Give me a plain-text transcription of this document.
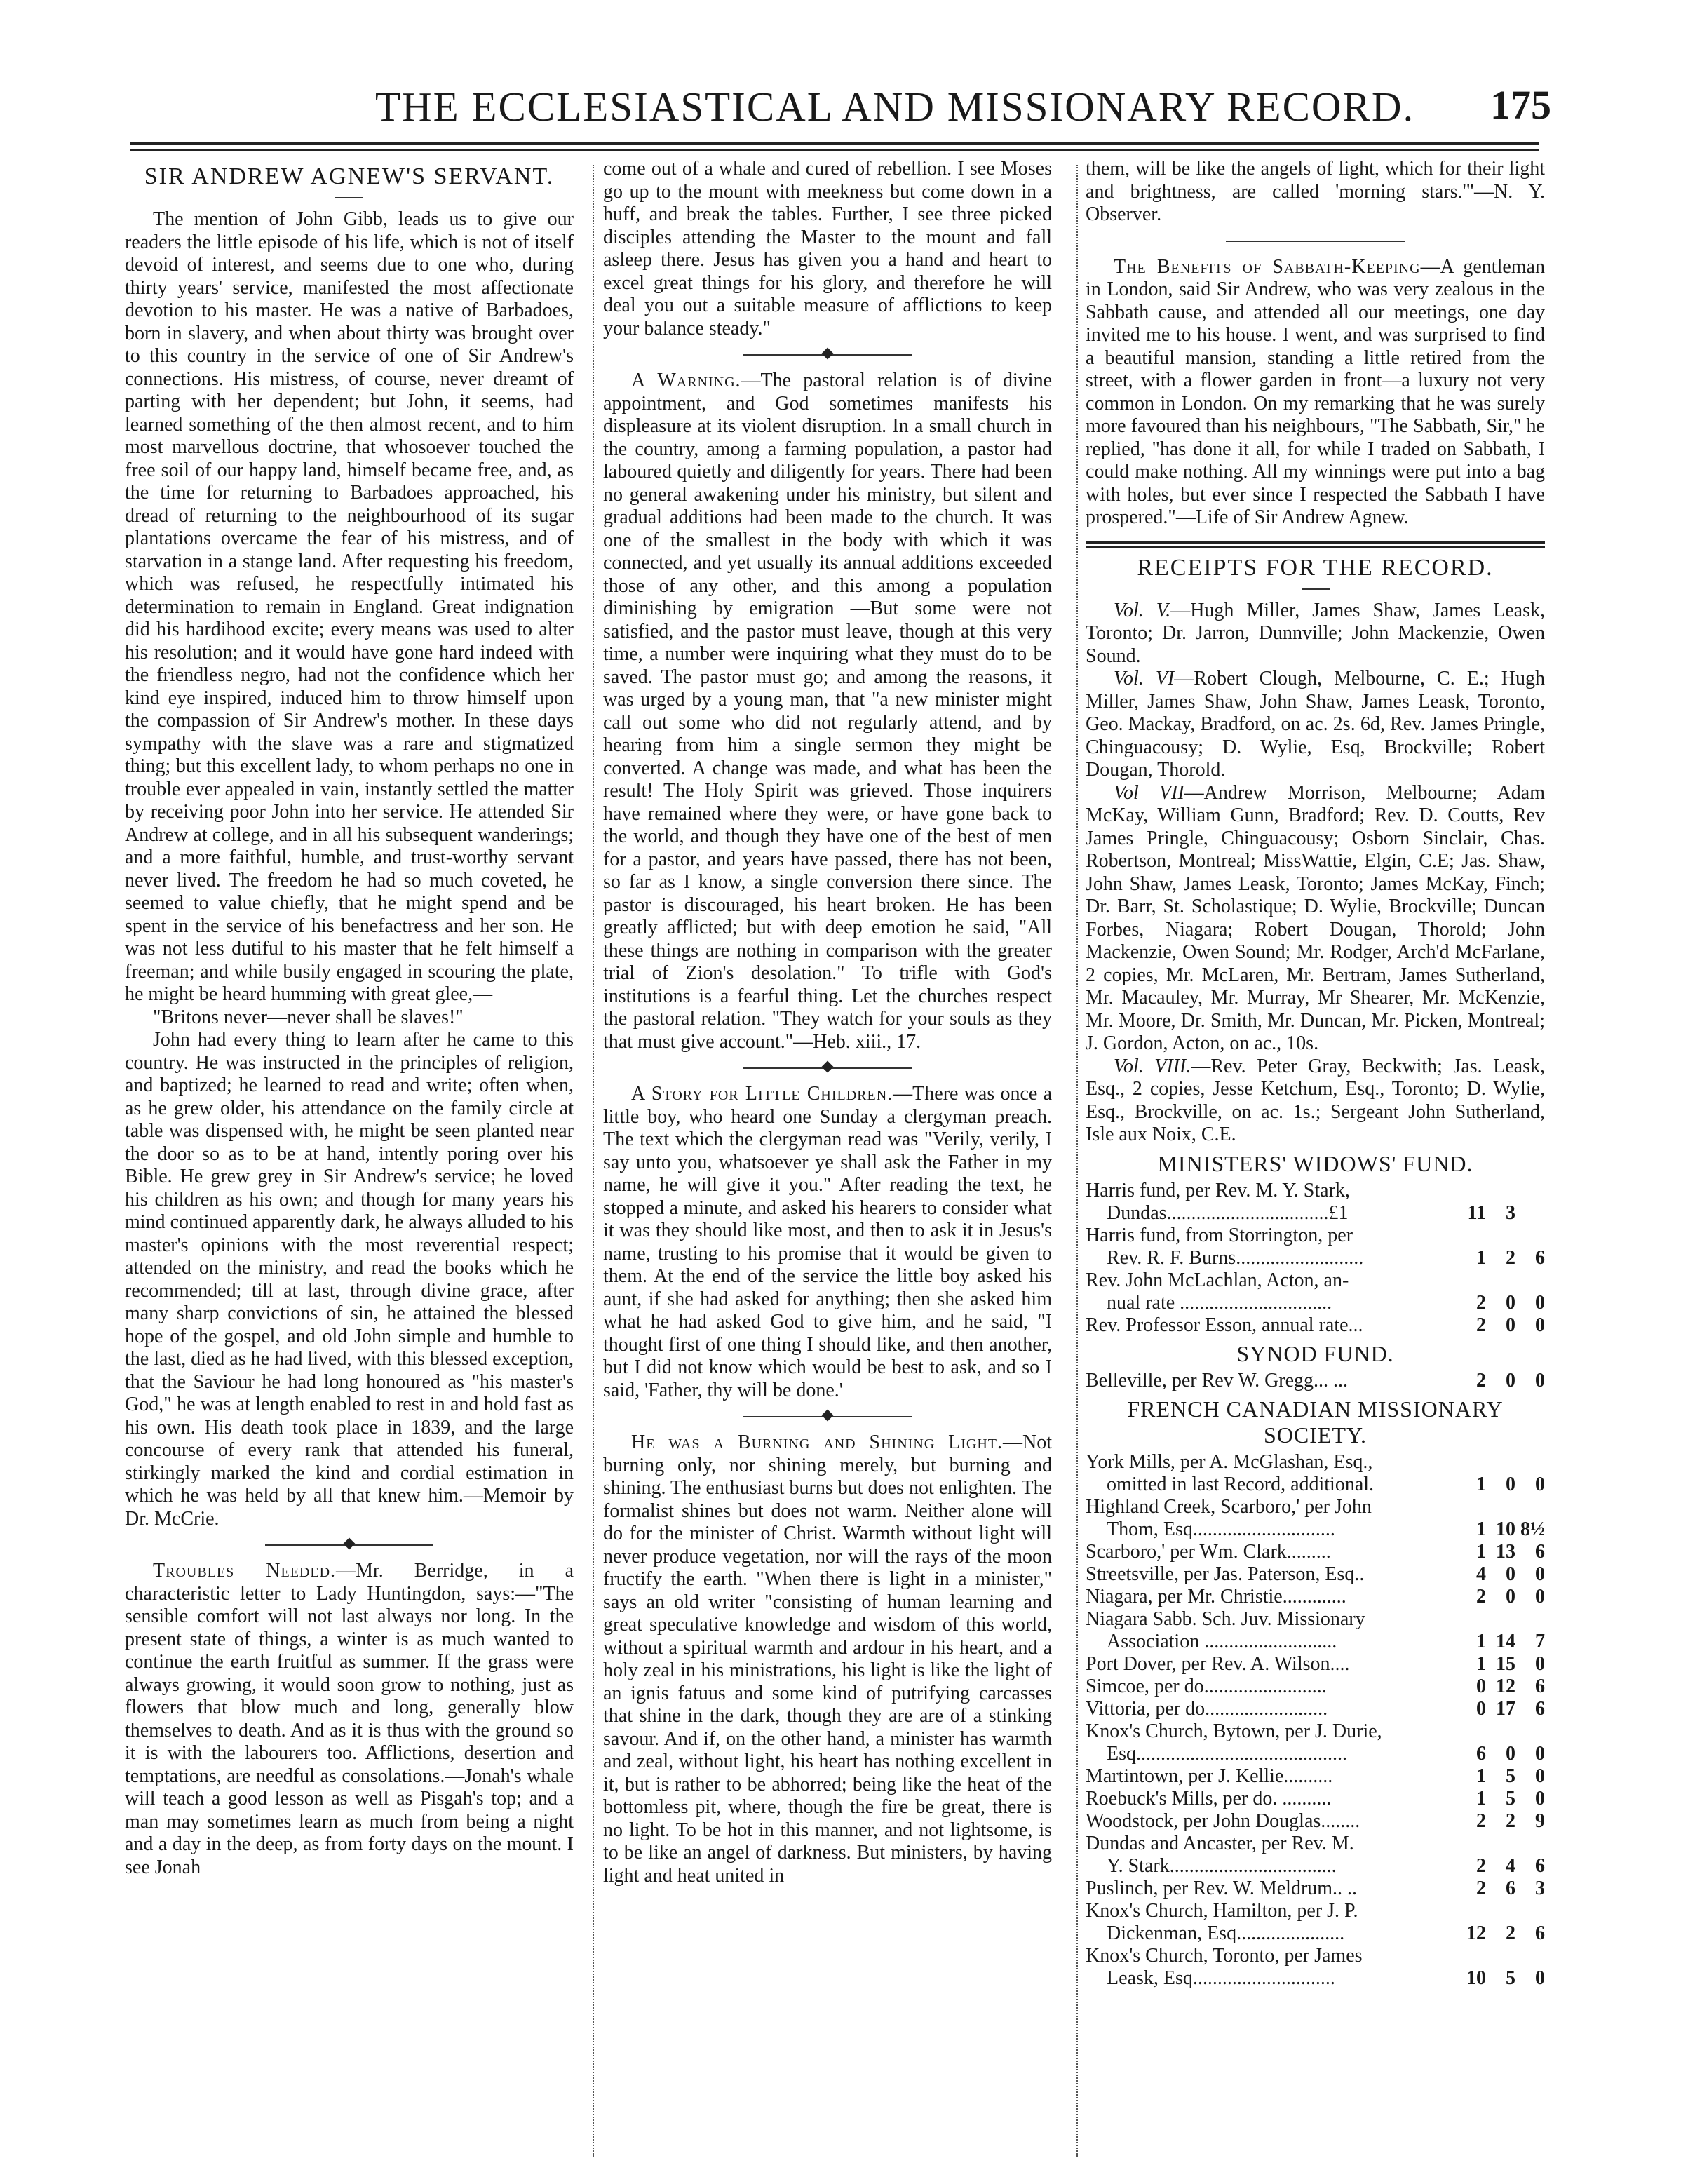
THE ECCLESIASTICAL AND MISSIONARY RECORD. 175
SIR ANDREW AGNEW'S SERVANT.

The mention of John Gibb, leads us to give our readers the little episode of his life, which is not of itself devoid of interest, and seems due to one who, during thirty years' service, manifested the most affectionate devotion to his master. He was a native of Barbadoes, born in slavery, and when about thirty was brought over to this country in the service of one of Sir Andrew's connections. His mistress, of course, never dreamt of parting with her dependent; but John, it seems, had learned something of the then almost recent, and to him most marvellous doctrine, that whosoever touched the free soil of our happy land, himself became free, and, as the time for returning to Barbadoes approached, his dread of returning to the neighbourhood of its sugar plantations overcame the fear of his mistress, and of starvation in a stange land. After requesting his freedom, which was refused, he respectfully intimated his determination to remain in England. Great indignation did his hardihood excite; every means was used to alter his resolution; and it would have gone hard indeed with the friendless negro, had not the confidence which her kind eye inspired, induced him to throw himself upon the compassion of Sir Andrew's mother. In these days sympathy with the slave was a rare and stigmatized thing; but this excellent lady, to whom perhaps no one in trouble ever appealed in vain, instantly settled the matter by receiving poor John into her service. He attended Sir Andrew at college, and in all his subsequent wanderings; and a more faithful, humble, and trust-worthy servant never lived. The freedom he had so much coveted, he seemed to value chiefly, that he might spend and be spent in the service of his benefactress and her son. He was not less dutiful to his master that he felt himself a freeman; and while busily engaged in scouring the plate, he might be heard humming with great glee,—

"Britons never—never shall be slaves!"

John had every thing to learn after he came to this country. He was instructed in the principles of religion, and baptized; he learned to read and write; often when, as he grew older, his attendance on the family circle at table was dispensed with, he might be seen planted near the door so as to be at hand, intently poring over his Bible. He grew grey in Sir Andrew's service; he loved his children as his own; and though for many years his mind continued apparently dark, he always alluded to his master's opinions with the most reverential respect; attended on the ministry, and read the books which he recommended; till at last, through divine grace, after many sharp convictions of sin, he attained the blessed hope of the gospel, and old John simple and humble to the last, died as he had lived, with this blessed exception, that the Saviour he had long honoured as "his master's God," he was at length enabled to rest in and hold fast as his own. His death took place in 1839, and the large concourse of every rank that attended his funeral, stirkingly marked the kind and cordial estimation in which he was held by all that knew him.—Memoir by Dr. McCrie.

Troubles Needed.—Mr. Berridge, in a characteristic letter to Lady Huntingdon, says:—"The sensible comfort will not last always nor long. In the present state of things, a winter is as much wanted to continue the earth fruitful as summer. If the grass were always growing, it would soon grow to nothing, just as flowers that blow much and long, generally blow themselves to death. And as it is thus with the ground so it is with the labourers too. Afflictions, desertion and temptations, are needful as consolations.—Jonah's whale will teach a good lesson as well as Pisgah's top; and a man may sometimes learn as much from being a night and a day in the deep, as from forty days on the mount. I see Jonah

come out of a whale and cured of rebellion. I see Moses go up to the mount with meekness but come down in a huff, and break the tables. Further, I see three picked disciples attending the Master to the mount and fall asleep there. Jesus has given you a hand and heart to excel great things for his glory, and therefore he will deal you out a suitable measure of afflictions to keep your balance steady."

A Warning.—The pastoral relation is of divine appointment, and God sometimes manifests his displeasure at its violent disruption. In a small church in the country, among a farming population, a pastor had laboured quietly and diligently for years. There had been no general awakening under his ministry, but silent and gradual additions had been made to the church. It was one of the smallest in the body with which it was connected, and yet usually its annual additions exceeded those of any other, and this among a population diminishing by emigration —But some were not satisfied, and the pastor must leave, though at this very time, a number were inquiring what they must do to be saved. The pastor must go; and among the reasons, it was urged by a young man, that "a new minister might call out some who did not regularly attend, and by hearing from him a single sermon they might be converted. A change was made, and what has been the result! The Holy Spirit was grieved. Those inquirers have remained where they were, or have gone back to the world, and though they have one of the best of men for a pastor, and years have passed, there has not been, so far as I know, a single conversion there since. The pastor is discouraged, his heart broken. He has been greatly afflicted; but with deep emotion he said, "All these things are nothing in comparison with the greater trial of Zion's desolation." To trifle with God's institutions is a fearful thing. Let the churches respect the pastoral relation. "They watch for your souls as they that must give account."—Heb. xiii., 17.

A Story for Little Children.—There was once a little boy, who heard one Sunday a clergyman preach. The text which the clergyman read was "Verily, verily, I say unto you, whatsoever ye shall ask the Father in my name, he will give it you." After reading the text, he stopped a minute, and asked his hearers to consider what it was they should like most, and then to ask it in Jesus's name, trusting to his promise that it would be given to them. At the end of the service the little boy asked his aunt, if she had asked for anything; then she asked him what he had asked God to give him, and he said, "I thought first of one thing I should like, and then another, but I did not know which would be best to ask, and so I said, 'Father, thy will be done.'

He was a Burning and Shining Light.—Not burning only, nor shining merely, but burning and shining. The enthusiast burns but does not enlighten. The formalist shines but does not warm. Neither alone will do for the minister of Christ. Warmth without light will never produce vegetation, nor will the rays of the moon fructify the earth. "When there is light in a minister," says an old writer "consisting of human learning and great speculative knowledge and wisdom of this world, without a spiritual warmth and ardour in his heart, and a holy zeal in his ministrations, his light is like the light of an ignis fatuus and some kind of putrifying carcasses that shine in the dark, though they are are of a stinking savour. And if, on the other hand, a minister has warmth and zeal, without light, his heart has nothing excellent in it, but is rather to be abhorred; being like the heat of the bottomless pit, where, though the fire be great, there is no light. To be hot in this manner, and not lightsome, is to be like an angel of darkness. But ministers, by having light and heat united in

them, will be like the angels of light, which for their light and brightness, are called 'morning stars.'"—N. Y. Observer.

The Benefits of Sabbath-Keeping—A gentleman in London, said Sir Andrew, who was very zealous in the Sabbath cause, and attended all our meetings, one day invited me to his house. I went, and was surprised to find a beautiful mansion, standing a little retired from the street, with a flower garden in front—a luxury not very common in London. On my remarking that he was surely more favoured than his neighbours, "The Sabbath, Sir," he replied, "has done it all, for while I traded on Sabbath, I could make nothing. All my winnings were put into a bag with holes, but ever since I respected the Sabbath I have prospered."—Life of Sir Andrew Agnew.

RECEIPTS FOR THE RECORD.

Vol. V.—Hugh Miller, James Shaw, James Leask, Toronto; Dr. Jarron, Dunnville; John Mackenzie, Owen Sound.

Vol. VI—Robert Clough, Melbourne, C. E.; Hugh Miller, James Shaw, John Shaw, James Leask, Toronto, Geo. Mackay, Bradford, on ac. 2s. 6d, Rev. James Pringle, Chinguacousy; D. Wylie, Esq, Brockville; Robert Dougan, Thorold.

Vol VII—Andrew Morrison, Melbourne; Adam McKay, William Gunn, Bradford; Rev. D. Coutts, Rev James Pringle, Chinguacousy; Osborn Sinclair, Chas. Robertson, Montreal; MissWattie, Elgin, C.E; Jas. Shaw, John Shaw, James Leask, Toronto; James McKay, Finch; Dr. Barr, St. Scholastique; D. Wylie, Brockville; Duncan Forbes, Niagara; Robert Dougan, Thorold; John Mackenzie, Owen Sound; Mr. Rodger, Arch'd McFarlane, 2 copies, Mr. McLaren, Mr. Bertram, James Sutherland, Mr. Macauley, Mr. Murray, Mr Shearer, Mr. McKenzie, Mr. Moore, Dr. Smith, Mr. Duncan, Mr. Picken, Montreal; J. Gordon, Acton, on ac., 10s.

Vol. VIII.—Rev. Peter Gray, Beckwith; Jas. Leask, Esq., 2 copies, Jesse Ketchum, Esq., Toronto; D. Wylie, Esq., Brockville, on ac. 1s.; Sergeant John Sutherland, Isle aux Noix, C.E.

MINISTERS' WIDOWS' FUND.
Harris fund, per Rev. M. Y. Stark,
Dundas.................................£1	11	3
Harris fund, from Storrington, per
Rev. R. F. Burns..........................	1	2	6
Rev. John McLachlan, Acton, an-
nual rate ...............................	2	0	0
Rev. Professor Esson, annual rate...	2	0	0
SYNOD FUND.
Belleville, per Rev W. Gregg... ...	2	0	0
FRENCH CANADIAN MISSIONARY SOCIETY.
York Mills, per A. McGlashan, Esq.,
omitted in last Record, additional.	1	0	0
Highland Creek, Scarboro,' per John
Thom, Esq.............................	1 10 8½
Scarboro,' per Wm. Clark.........	1 13	6
Streetsville, per Jas. Paterson, Esq..	4	0	0
Niagara, per Mr. Christie.............	2	0	0
Niagara Sabb. Sch. Juv. Missionary
Association ...........................	1 14	7
Port Dover, per Rev. A. Wilson....	1 15	0
Simcoe, per do.........................	0 12	6
Vittoria, per do.........................	0 17	6
Knox's Church, Bytown, per J. Durie,
Esq...........................................	6	0	0
Martintown, per J. Kellie..........	1	5	0
Roebuck's Mills, per do. ..........	1	5	0
Woodstock, per John Douglas........	2	2	9
Dundas and Ancaster, per Rev. M.
Y. Stark..................................	2	4	6
Puslinch, per Rev. W. Meldrum.. ..	2	6	3
Knox's Church, Hamilton, per J. P.
Dickenman, Esq......................	12	2	6
Knox's Church, Toronto, per James
Leask, Esq.............................	10	5	0
